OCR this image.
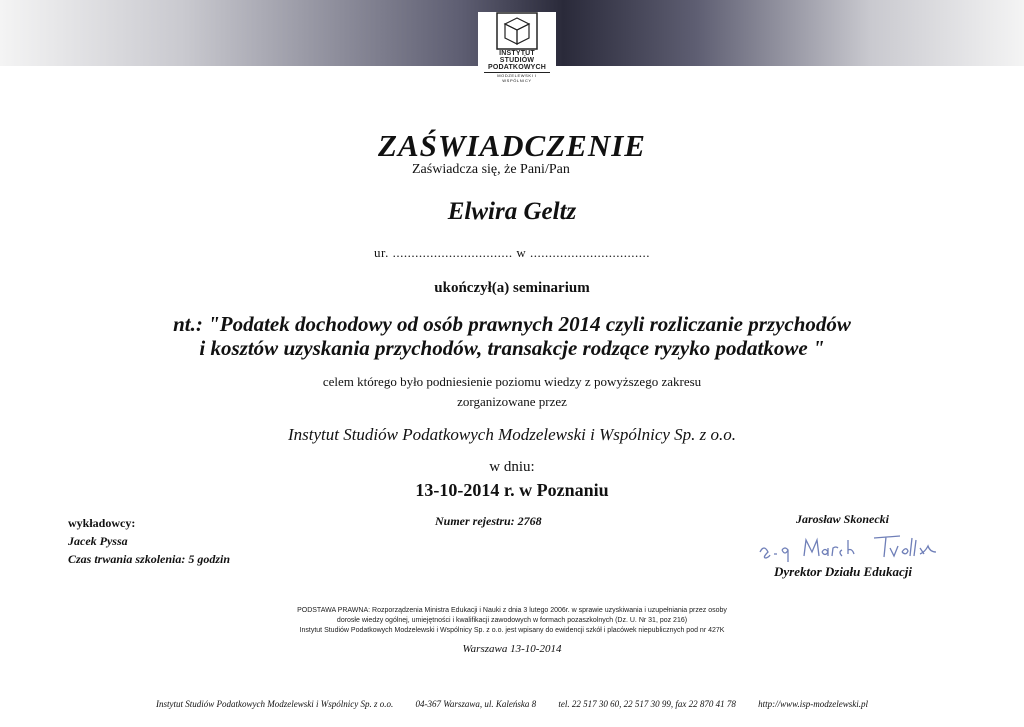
INSTYTUT
STUDIÓW
PODATKOWYCH
MODZELEWSKI I WSPÓLNICY
ZAŚWIADCZENIE
Zaświadcza się, że Pani/Pan
Elwira Geltz
ur. ................................ w ................................
ukończył(a) seminarium
nt.: "Podatek dochodowy od osób prawnych 2014 czyli rozliczanie przychodów
i kosztów uzyskania przychodów, transakcje rodzące ryzyko podatkowe "
celem którego było podniesienie poziomu wiedzy z powyższego zakresu
zorganizowane przez
Instytut Studiów Podatkowych Modzelewski i Wspólnicy Sp. z o.o.
w dniu:
13-10-2014 r. w Poznaniu
wykładowcy:
Jacek Pyssa
Czas trwania szkolenia: 5 godzin
Numer rejestru: 2768	Jarosław Skonecki
Dyrektor Działu Edukacji
PODSTAWA PRAWNA: Rozporządzenia Ministra Edukacji i Nauki z dnia 3 lutego 2006r. w sprawie uzyskiwania i uzupełniania przez osoby
dorosłe wiedzy ogólnej, umiejętności i kwalifikacji zawodowych w formach pozaszkolnych (Dz. U. Nr 31, poz 216)
Instytut Studiów Podatkowych Modzelewski i Wspólnicy Sp. z o.o. jest wpisany do ewidencji szkół i placówek niepublicznych pod nr 427K
Warszawa 13-10-2014
Instytut Studiów Podatkowych Modzelewski i Wspólnicy Sp. z o.o. 04-367 Warszawa, ul. Kaleńska 8 tel. 22 517 30 60, 22 517 30 99, fax 22 870 41 78 http://www.isp-modzelewski.pl
